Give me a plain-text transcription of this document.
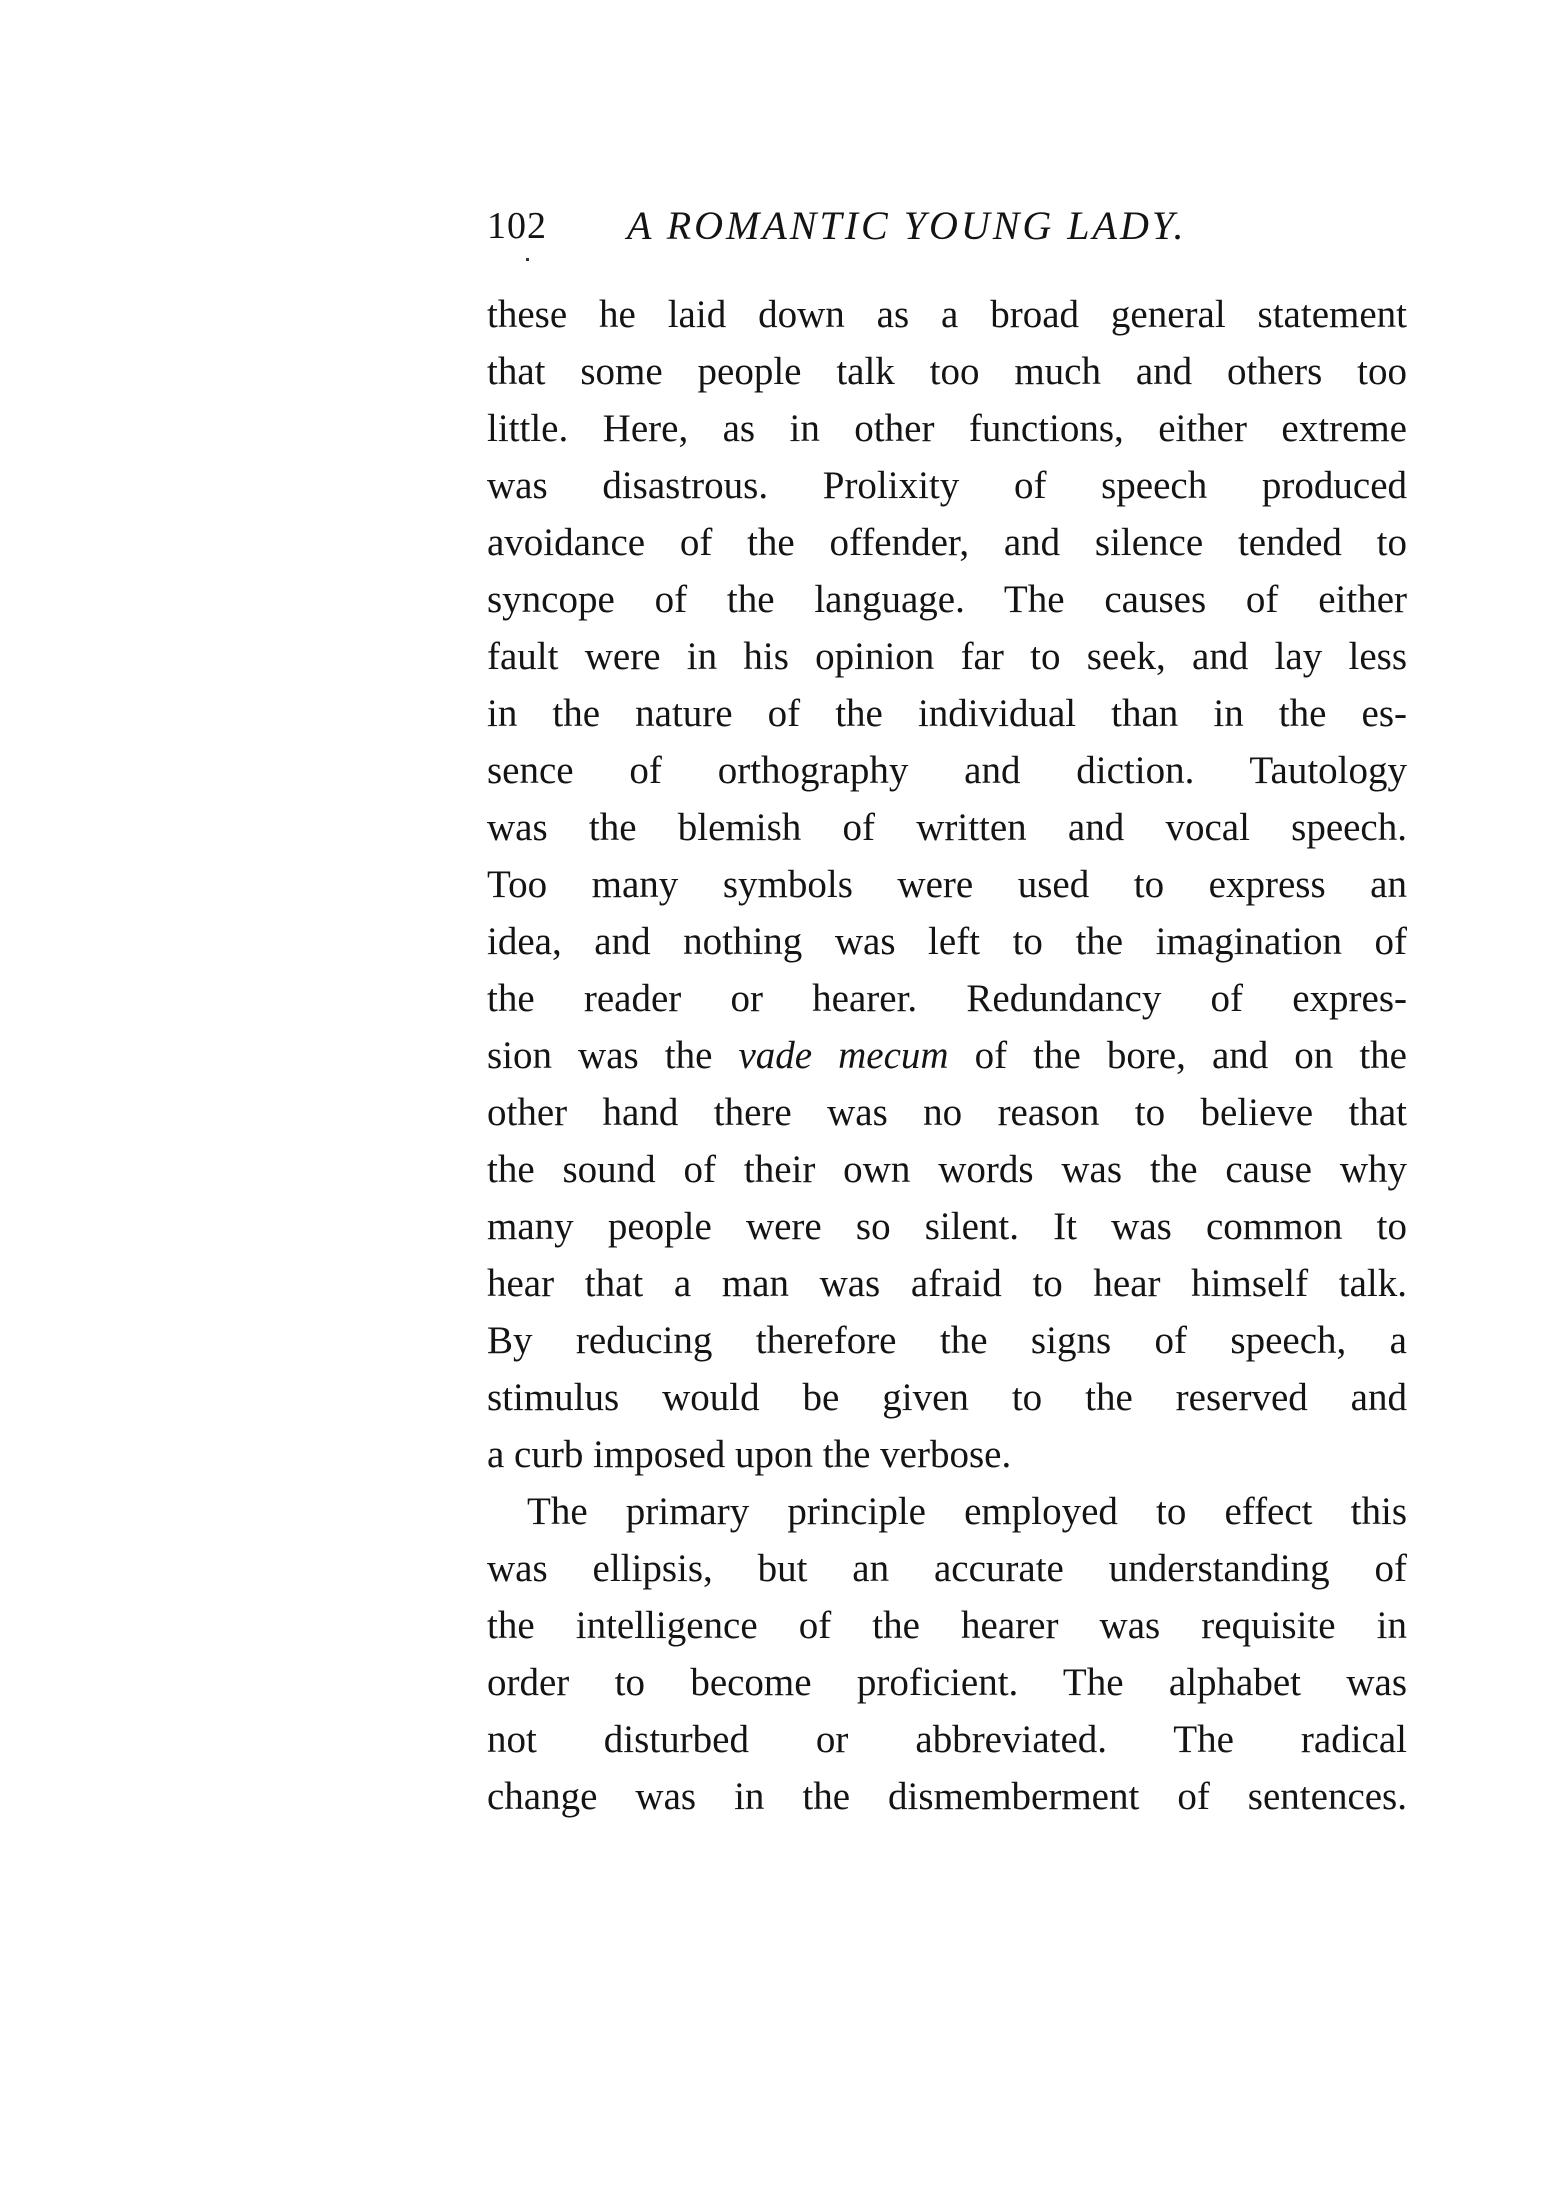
102 A ROMANTIC YOUNG LADY.
these he laid down as a broad general statement
that some people talk too much and others too
little. Here, as in other functions, either extreme
was disastrous. Prolixity of speech produced
avoidance of the offender, and silence tended to
syncope of the language. The causes of either
fault were in his opinion far to seek, and lay less
in the nature of the individual than in the es-
sence of orthography and diction. Tautology
was the blemish of written and vocal speech.
Too many symbols were used to express an
idea, and nothing was left to the imagination of
the reader or hearer. Redundancy of expres-
sion was the vade mecum of the bore, and on the
other hand there was no reason to believe that
the sound of their own words was the cause why
many people were so silent. It was common to
hear that a man was afraid to hear himself talk.
By reducing therefore the signs of speech, a
stimulus would be given to the reserved and
a curb imposed upon the verbose.
The primary principle employed to effect this
was ellipsis, but an accurate understanding of
the intelligence of the hearer was requisite in
order to become proficient. The alphabet was
not disturbed or abbreviated. The radical
change was in the dismemberment of sentences.
